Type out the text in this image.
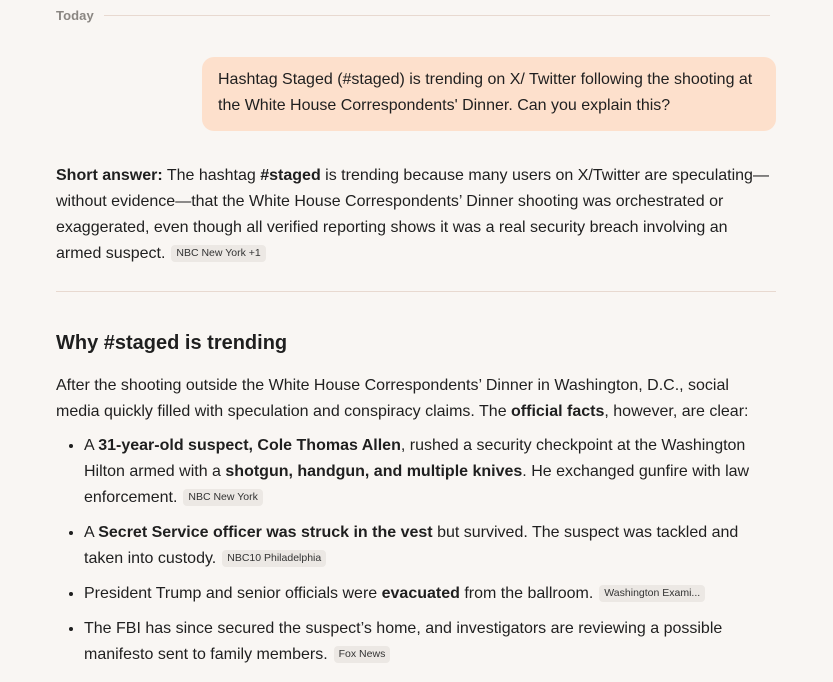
Today
Hashtag Staged (#staged) is trending on X/ Twitter following the shooting at the White House Correspondents' Dinner. Can you explain this?
Short answer: The hashtag #staged is trending because many users on X/Twitter are speculating—without evidence—that the White House Correspondents’ Dinner shooting was orchestrated or exaggerated, even though all verified reporting shows it was a real security breach involving an armed suspect. NBC New York +1
Why #staged is trending
After the shooting outside the White House Correspondents’ Dinner in Washington, D.C., social media quickly filled with speculation and conspiracy claims. The official facts, however, are clear:
• A 31-year-old suspect, Cole Thomas Allen, rushed a security checkpoint at the Washington Hilton armed with a shotgun, handgun, and multiple knives. He exchanged gunfire with law enforcement. NBC New York
• A Secret Service officer was struck in the vest but survived. The suspect was tackled and taken into custody. NBC10 Philadelphia
• President Trump and senior officials were evacuated from the ballroom. Washington Exami...
• The FBI has since secured the suspect’s home, and investigators are reviewing a possible manifesto sent to family members. Fox News
